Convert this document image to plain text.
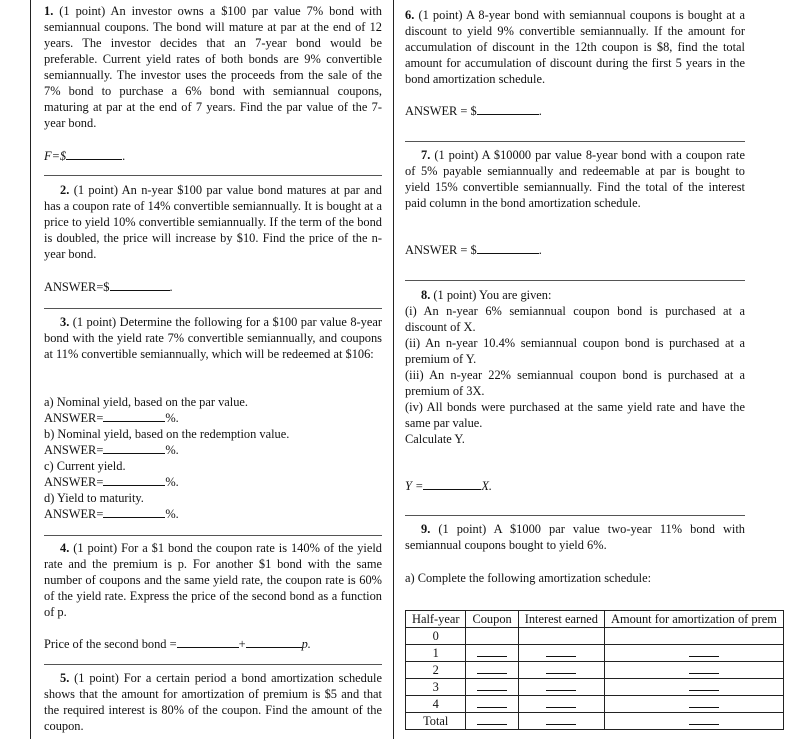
1. (1 point) An investor owns a $100 par value 7% bond with semiannual coupons. The bond will mature at par at the end of 12 years. The investor decides that an 7-year bond would be preferable. Current yield rates of both bonds are 9% convertible semiannually. The investor uses the proceeds from the sale of the 7% bond to purchase a 6% bond with semiannual coupons, maturing at par at the end of 7 years. Find the par value of the 7-year bond.
F=$	.
2. (1 point) An n-year $100 par value bond matures at par and has a coupon rate of 14% convertible semiannually. It is bought at a price to yield 10% convertible semiannually. If the term of the bond is doubled, the price will increase by $10. Find the price of the n-year bond.
ANSWER=$	.
3. (1 point) Determine the following for a $100 par value 8-year bond with the yield rate 7% convertible semiannually, and coupons at 11% convertible semiannually, which will be redeemed at $106:
a) Nominal yield, based on the par value.
ANSWER=	%.
b) Nominal yield, based on the redemption value.
ANSWER=	%.
c) Current yield.
ANSWER=	%.
d) Yield to maturity.
ANSWER=	%.
4. (1 point) For a $1 bond the coupon rate is 140% of the yield rate and the premium is p. For another $1 bond with the same number of coupons and the same yield rate, the coupon rate is 60% of the yield rate. Express the price of the second bond as a function of p.
Price of the second bond =	+	p.
5. (1 point) For a certain period a bond amortization schedule shows that the amount for amortization of premium is $5 and that the required interest is 80% of the coupon. Find the amount of the coupon.
6. (1 point) A 8-year bond with semiannual coupons is bought at a discount to yield 9% convertible semiannually. If the amount for accumulation of discount in the 12th coupon is $8, find the total amount for accumulation of discount during the first 5 years in the bond amortization schedule.
ANSWER = $	.
7. (1 point) A $10000 par value 8-year bond with a coupon rate of 5% payable semiannually and redeemable at par is bought to yield 15% convertible semiannually. Find the total of the interest paid column in the bond amortization schedule.
ANSWER = $	.
8. (1 point) You are given:
(i) An n-year 6% semiannual coupon bond is purchased at a discount of X.
(ii) An n-year 10.4% semiannual coupon bond is purchased at a premium of Y.
(iii) An n-year 22% semiannual coupon bond is purchased at a premium of 3X.
(iv) All bonds were purchased at the same yield rate and have the same par value.
Calculate Y.
Y =	X.
9. (1 point) A $1000 par value two-year 11% bond with semiannual coupons bought to yield 6%.
a) Complete the following amortization schedule:
Half-year	Coupon	Interest earned	Amount for amortization of prem
0			
1			
2			
3			
4			
Total			
